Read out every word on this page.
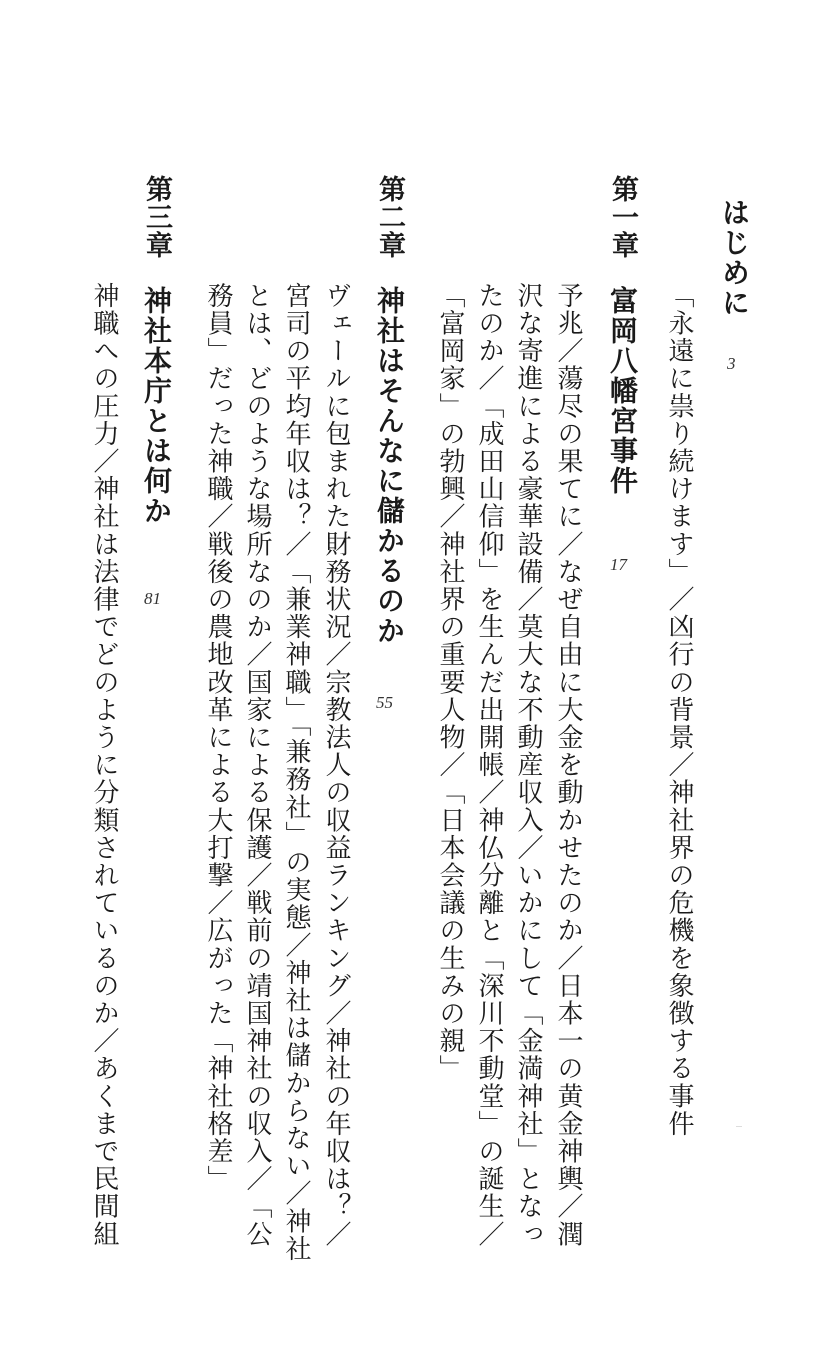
はじめに
3
「永遠に祟り続けます」／凶行の背景／神社界の危機を象徴する事件
第一章
富岡八幡宮事件
17
予兆／蕩尽の果てに／なぜ自由に大金を動かせたのか／日本一の黄金神輿／潤
沢な寄進による豪華設備／莫大な不動産収入／いかにして「金満神社」となっ
たのか／「成田山信仰」を生んだ出開帳／神仏分離と「深川不動堂」の誕生／
「富岡家」の勃興／神社界の重要人物／「日本会議の生みの親」
第二章
神社はそんなに儲かるのか
55
ヴェールに包まれた財務状況／宗教法人の収益ランキング／神社の年収は？／
宮司の平均年収は？／「兼業神職」「兼務社」の実態／神社は儲からない／神社
とは、どのような場所なのか／国家による保護／戦前の靖国神社の収入／「公
務員」だった神職／戦後の農地改革による大打撃／広がった「神社格差」
第三章
神社本庁とは何か
81
神職への圧力／神社は法律でどのように分類されているのか／あくまで民間組
